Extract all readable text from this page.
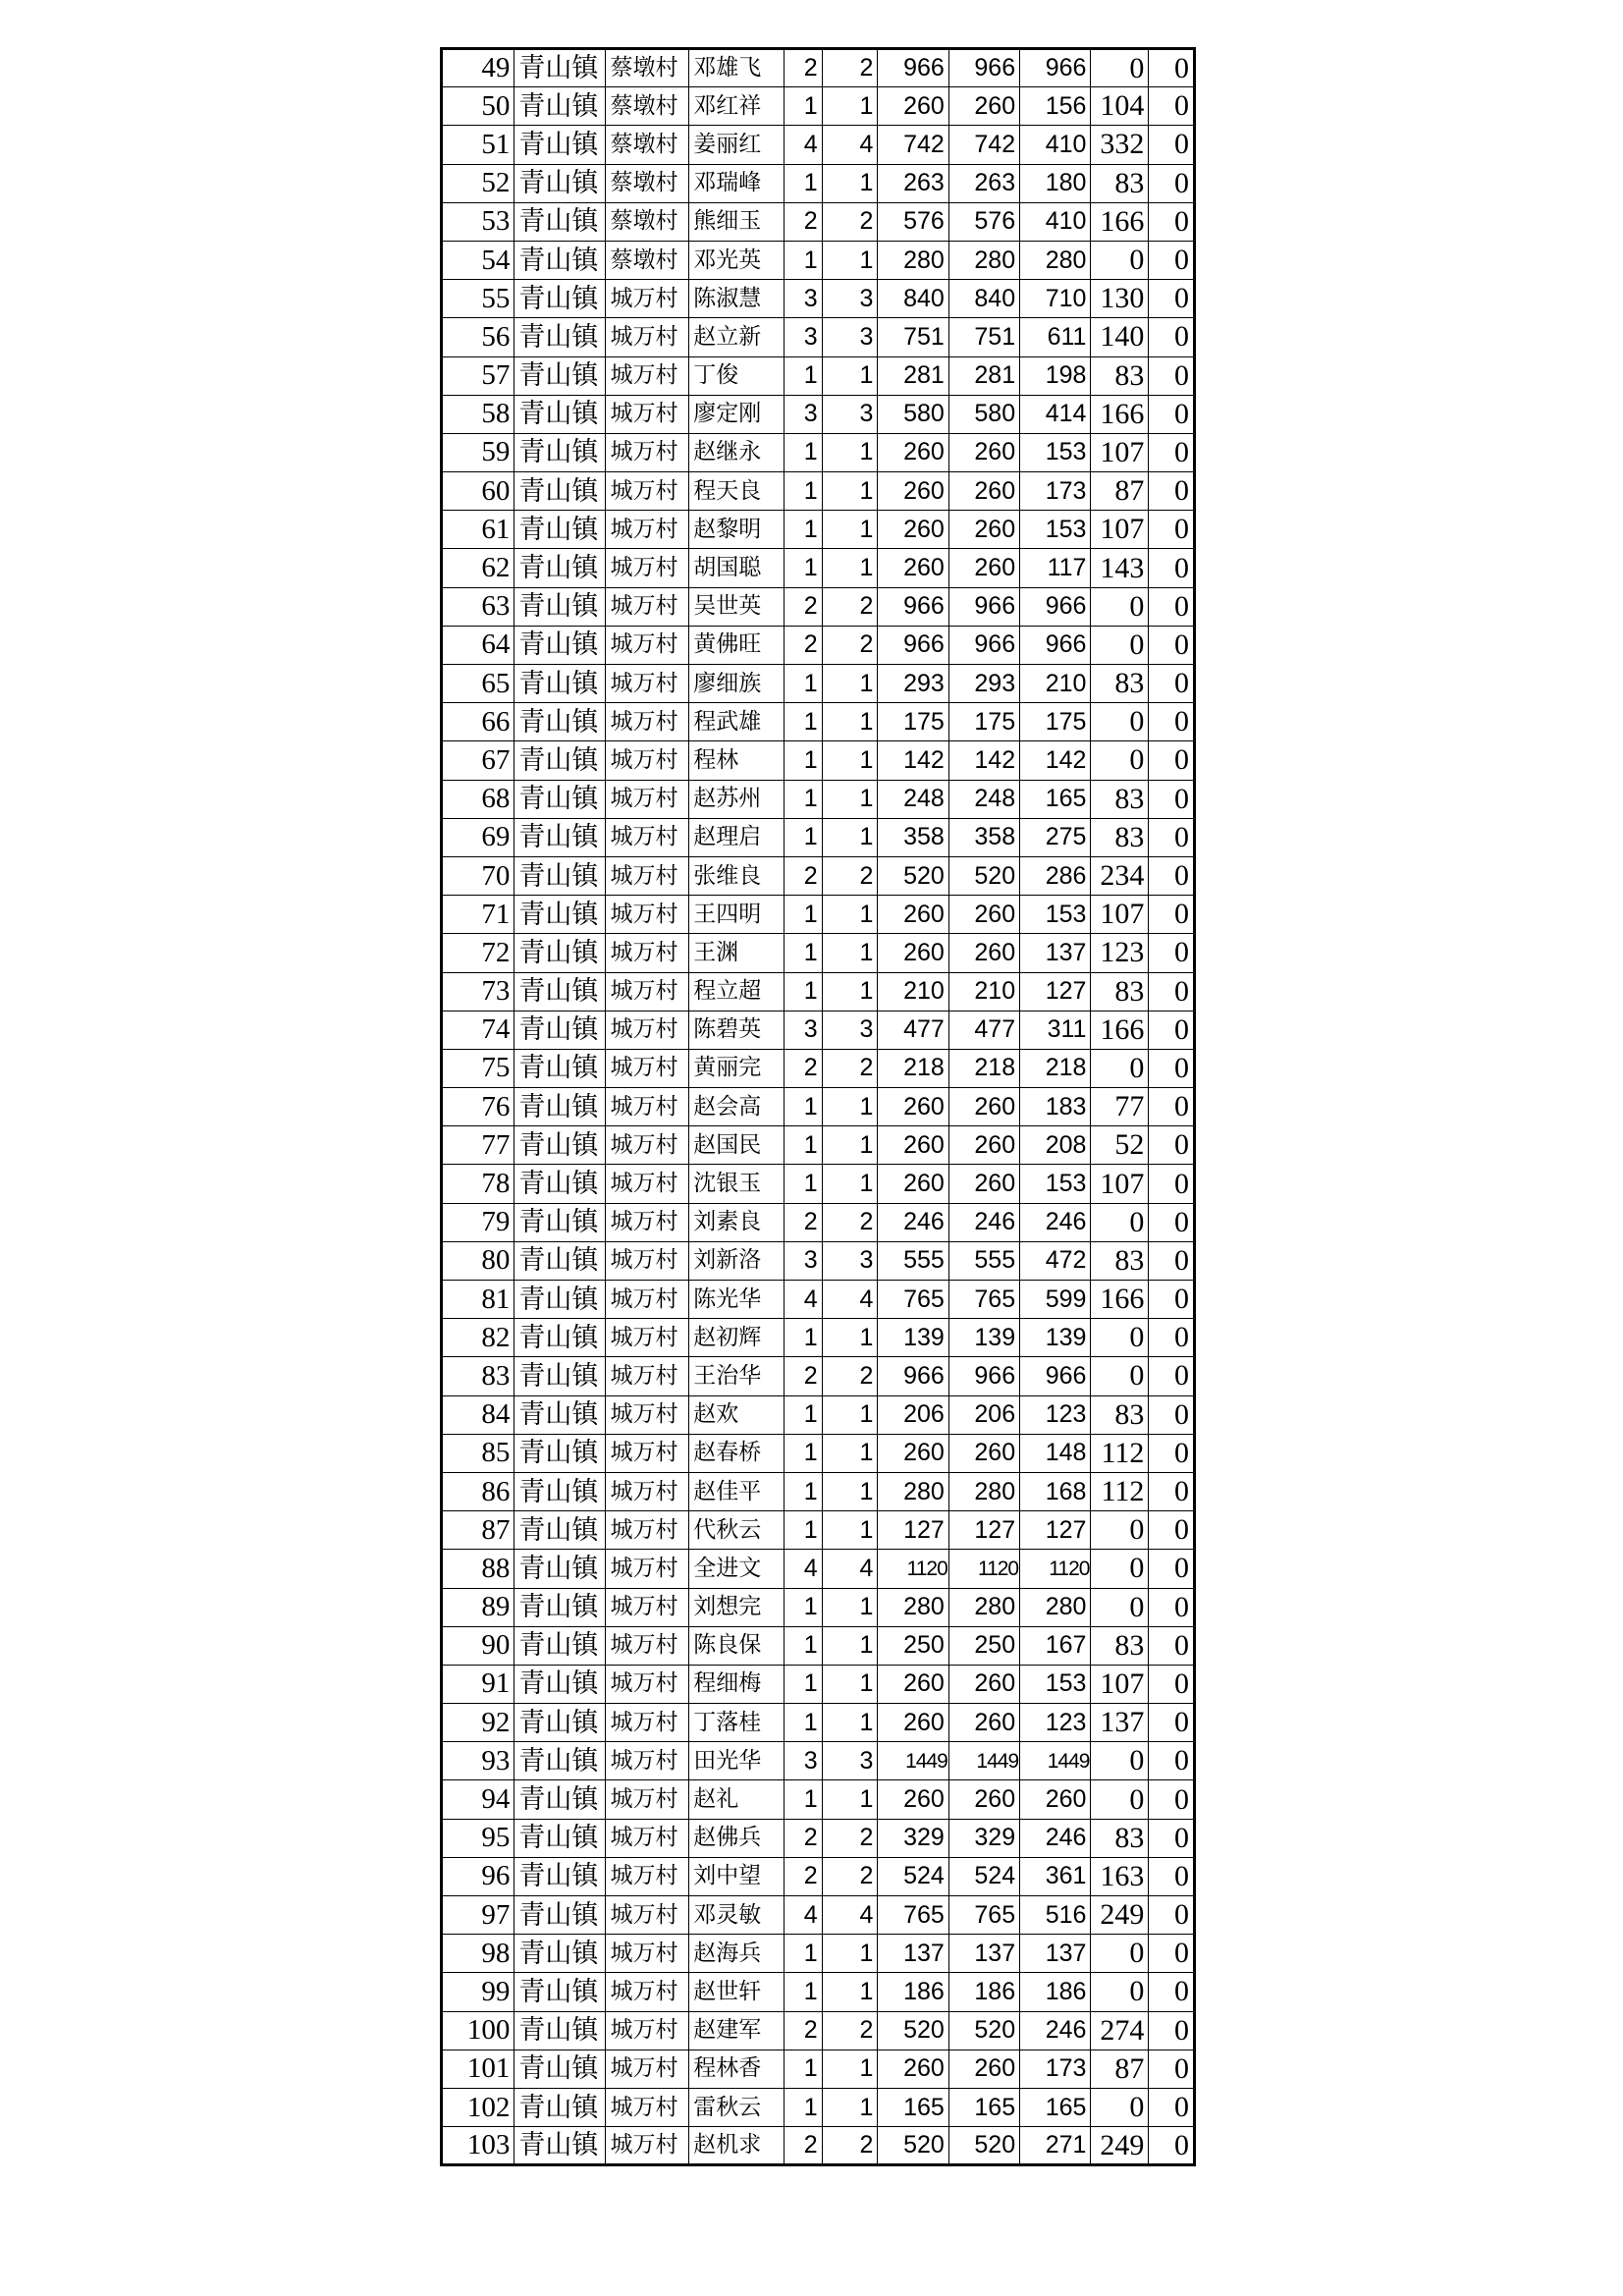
49	青山镇	蔡墩村	邓雄飞	2	2	966	966	966	0	0
50	青山镇	蔡墩村	邓红祥	1	1	260	260	156	104	0
51	青山镇	蔡墩村	姜丽红	4	4	742	742	410	332	0
52	青山镇	蔡墩村	邓瑞峰	1	1	263	263	180	83	0
53	青山镇	蔡墩村	熊细玉	2	2	576	576	410	166	0
54	青山镇	蔡墩村	邓光英	1	1	280	280	280	0	0
55	青山镇	城万村	陈淑慧	3	3	840	840	710	130	0
56	青山镇	城万村	赵立新	3	3	751	751	611	140	0
57	青山镇	城万村	丁俊	1	1	281	281	198	83	0
58	青山镇	城万村	廖定刚	3	3	580	580	414	166	0
59	青山镇	城万村	赵继永	1	1	260	260	153	107	0
60	青山镇	城万村	程天良	1	1	260	260	173	87	0
61	青山镇	城万村	赵黎明	1	1	260	260	153	107	0
62	青山镇	城万村	胡国聪	1	1	260	260	117	143	0
63	青山镇	城万村	吴世英	2	2	966	966	966	0	0
64	青山镇	城万村	黄佛旺	2	2	966	966	966	0	0
65	青山镇	城万村	廖细族	1	1	293	293	210	83	0
66	青山镇	城万村	程武雄	1	1	175	175	175	0	0
67	青山镇	城万村	程林	1	1	142	142	142	0	0
68	青山镇	城万村	赵苏州	1	1	248	248	165	83	0
69	青山镇	城万村	赵理启	1	1	358	358	275	83	0
70	青山镇	城万村	张维良	2	2	520	520	286	234	0
71	青山镇	城万村	王四明	1	1	260	260	153	107	0
72	青山镇	城万村	王渊	1	1	260	260	137	123	0
73	青山镇	城万村	程立超	1	1	210	210	127	83	0
74	青山镇	城万村	陈碧英	3	3	477	477	311	166	0
75	青山镇	城万村	黄丽完	2	2	218	218	218	0	0
76	青山镇	城万村	赵会高	1	1	260	260	183	77	0
77	青山镇	城万村	赵国民	1	1	260	260	208	52	0
78	青山镇	城万村	沈银玉	1	1	260	260	153	107	0
79	青山镇	城万村	刘素良	2	2	246	246	246	0	0
80	青山镇	城万村	刘新洛	3	3	555	555	472	83	0
81	青山镇	城万村	陈光华	4	4	765	765	599	166	0
82	青山镇	城万村	赵初辉	1	1	139	139	139	0	0
83	青山镇	城万村	王治华	2	2	966	966	966	0	0
84	青山镇	城万村	赵欢	1	1	206	206	123	83	0
85	青山镇	城万村	赵春桥	1	1	260	260	148	112	0
86	青山镇	城万村	赵佳平	1	1	280	280	168	112	0
87	青山镇	城万村	代秋云	1	1	127	127	127	0	0
88	青山镇	城万村	全进文	4	4	1120	1120	1120	0	0
89	青山镇	城万村	刘想完	1	1	280	280	280	0	0
90	青山镇	城万村	陈良保	1	1	250	250	167	83	0
91	青山镇	城万村	程细梅	1	1	260	260	153	107	0
92	青山镇	城万村	丁落桂	1	1	260	260	123	137	0
93	青山镇	城万村	田光华	3	3	1449	1449	1449	0	0
94	青山镇	城万村	赵礼	1	1	260	260	260	0	0
95	青山镇	城万村	赵佛兵	2	2	329	329	246	83	0
96	青山镇	城万村	刘中望	2	2	524	524	361	163	0
97	青山镇	城万村	邓灵敏	4	4	765	765	516	249	0
98	青山镇	城万村	赵海兵	1	1	137	137	137	0	0
99	青山镇	城万村	赵世轩	1	1	186	186	186	0	0
100	青山镇	城万村	赵建军	2	2	520	520	246	274	0
101	青山镇	城万村	程林香	1	1	260	260	173	87	0
102	青山镇	城万村	雷秋云	1	1	165	165	165	0	0
103	青山镇	城万村	赵机求	2	2	520	520	271	249	0
